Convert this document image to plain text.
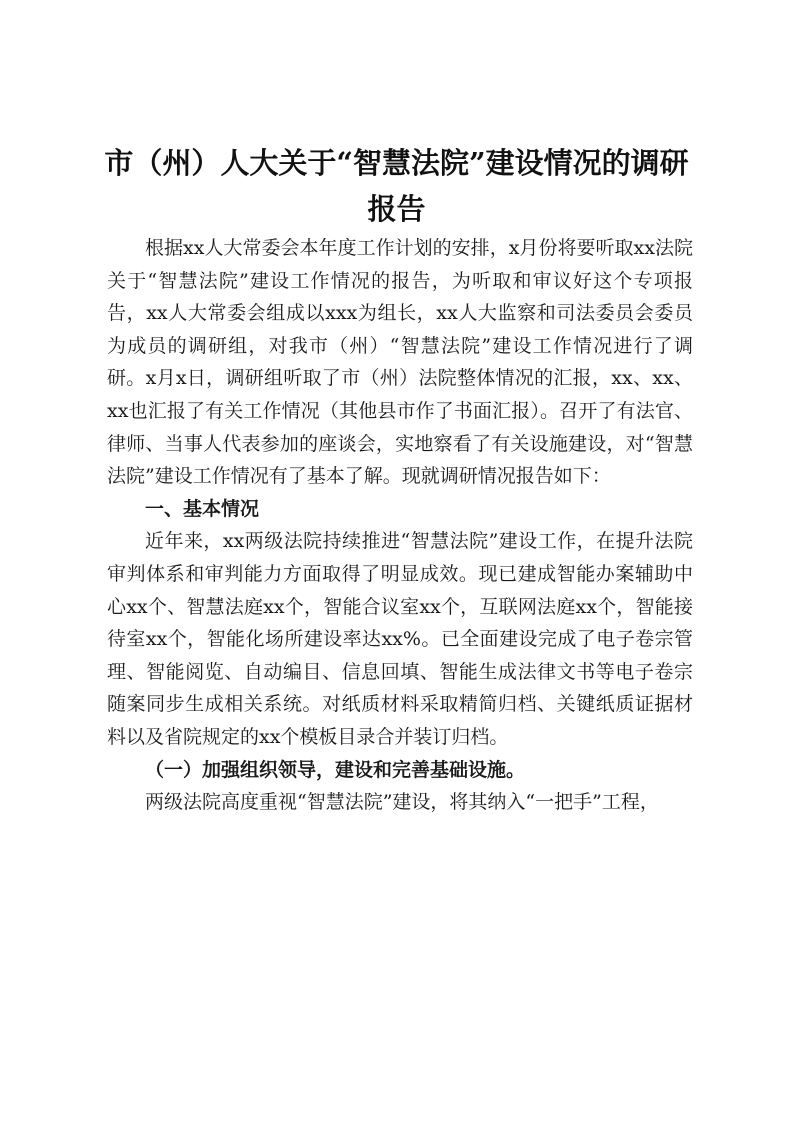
市（州）人大关于“智慧法院”建设情况的调研报告

根据xx人大常委会本年度工作计划的安排，x月份将要听取xx法院关于“智慧法院”建设工作情况的报告，为听取和审议好这个专项报告，xx人大常委会组成以xxx为组长，xx人大监察和司法委员会委员为成员的调研组，对我市（州）“智慧法院”建设工作情况进行了调研。x月x日，调研组听取了市（州）法院整体情况的汇报，xx、xx、xx也汇报了有关工作情况（其他县市作了书面汇报）。召开了有法官、律师、当事人代表参加的座谈会，实地察看了有关设施建设，对“智慧法院”建设工作情况有了基本了解。现就调研情况报告如下：

一、基本情况

近年来，xx两级法院持续推进“智慧法院”建设工作，在提升法院审判体系和审判能力方面取得了明显成效。现已建成智能办案辅助中心xx个、智慧法庭xx个，智能合议室xx个，互联网法庭xx个，智能接待室xx个，智能化场所建设率达xx%。已全面建设完成了电子卷宗管理、智能阅览、自动编目、信息回填、智能生成法律文书等电子卷宗随案同步生成相关系统。对纸质材料采取精简归档、关键纸质证据材料以及省院规定的xx个模板目录合并装订归档。

（一）加强组织领导，建设和完善基础设施。

两级法院高度重视“智慧法院”建设，将其纳入“一把手”工程，
